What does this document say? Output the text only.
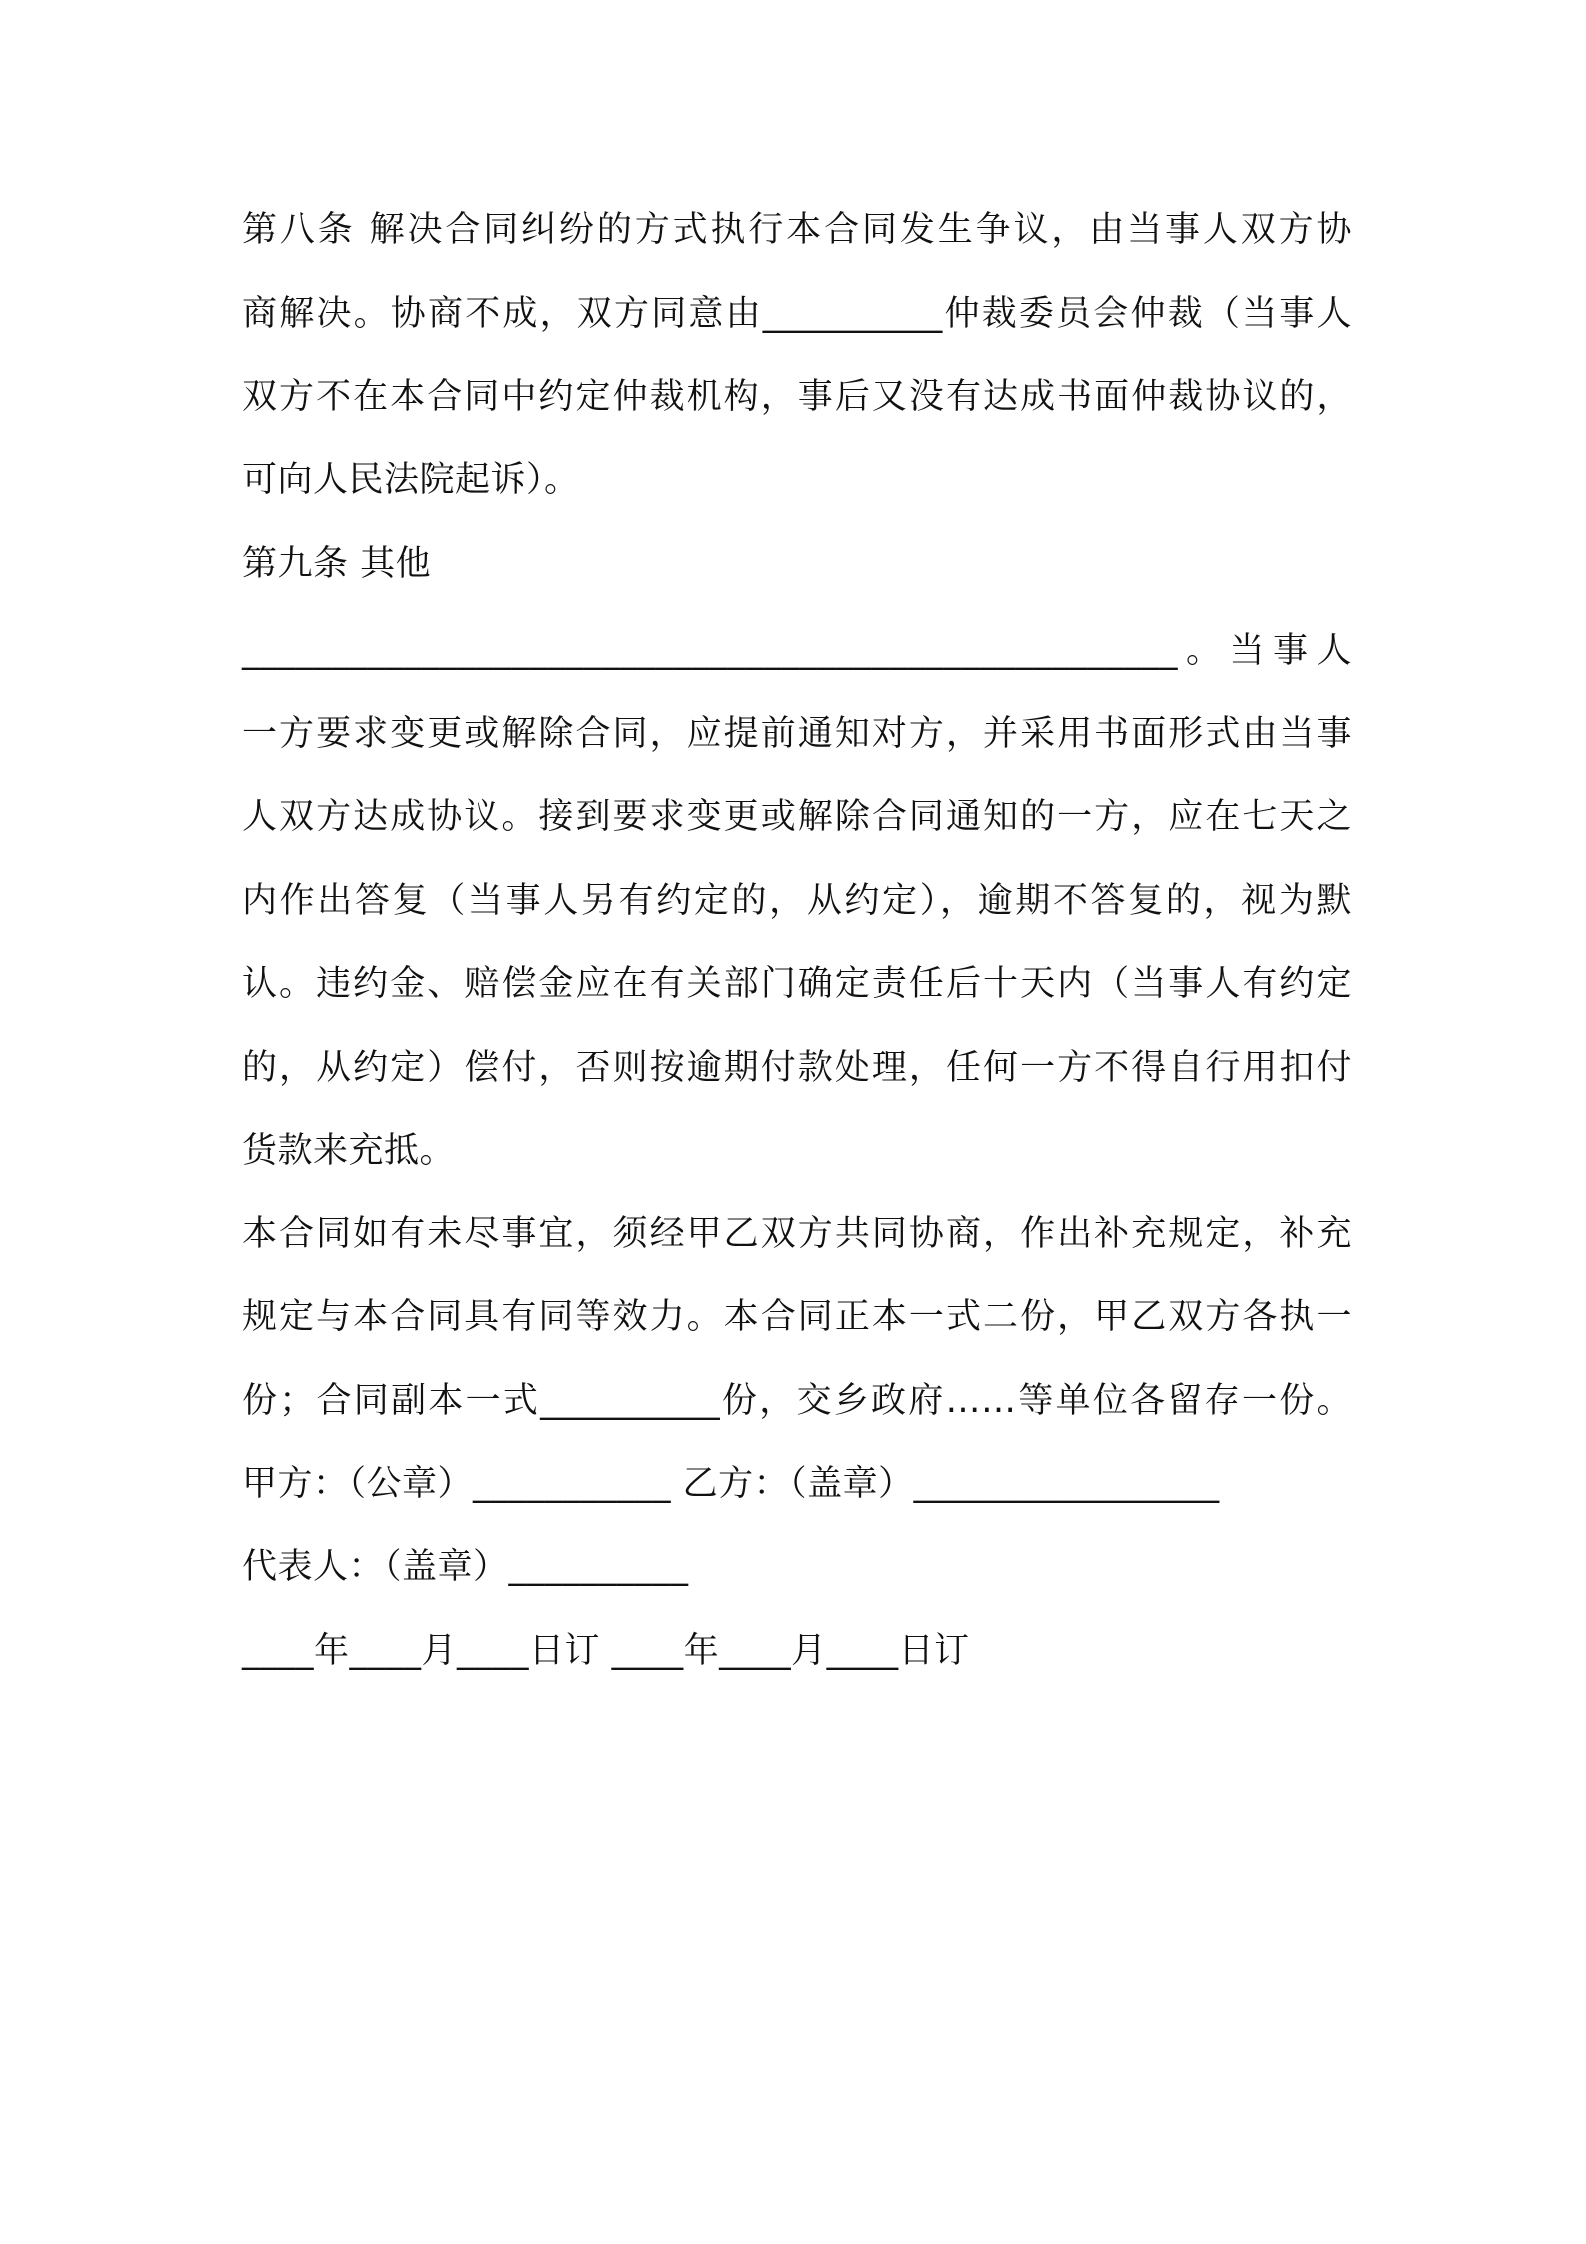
第八条 解决合同纠纷的方式执行本合同发生争议，由当事人双方协
商解决。协商不成，双方同意由__________仲裁委员会仲裁（当事人
双方不在本合同中约定仲裁机构，事后又没有达成书面仲裁协议的，
可向人民法院起诉）。
第九条 其他
____________________________________________________。当事人
一方要求变更或解除合同，应提前通知对方，并采用书面形式由当事
人双方达成协议。接到要求变更或解除合同通知的一方，应在七天之
内作出答复（当事人另有约定的，从约定），逾期不答复的，视为默
认。违约金、赔偿金应在有关部门确定责任后十天内（当事人有约定
的，从约定）偿付，否则按逾期付款处理，任何一方不得自行用扣付
货款来充抵。
本合同如有未尽事宜，须经甲乙双方共同协商，作出补充规定，补充
规定与本合同具有同等效力。本合同正本一式二份，甲乙双方各执一
份；合同副本一式__________份，交乡政府……等单位各留存一份。
甲方：（公章）___________ 乙方：（盖章）_________________
代表人：（盖章）__________
____年____月____日订 ____年____月____日订
